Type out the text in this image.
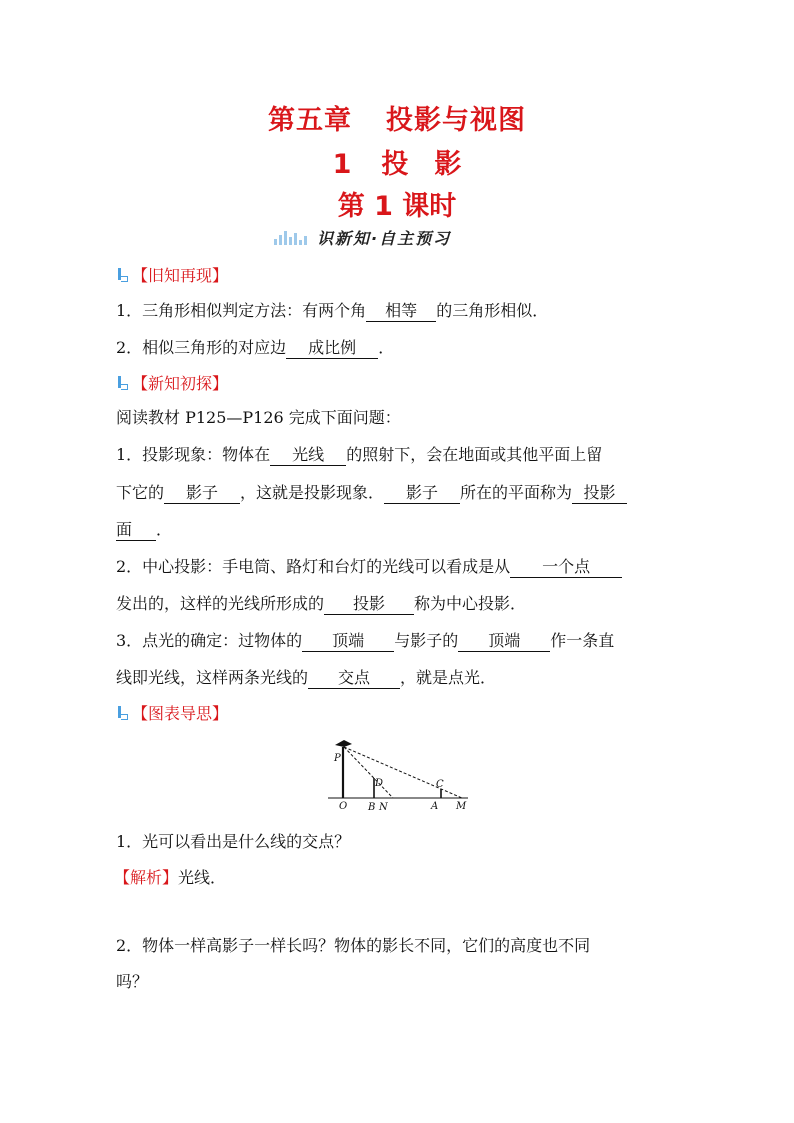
第五章 投影与视图
1 投 影
第 1 课时
识新知·自主预习
【旧知再现】
1．三角形相似判定方法：有两个角 相等 的三角形相似．
2．相似三角形的对应边 成比例 ．
【新知初探】
阅读教材 P125—P126 完成下面问题：
1．投影现象：物体在 光线 的照射下，会在地面或其他平面上留
下它的 影子 ，这就是投影现象． 影子 所在的平面称为 投影
面 ．
2．中心投影：手电筒、路灯和台灯的光线可以看成是从 一个点
发出的，这样的光线所形成的 投影 称为中心投影．
3．点光的确定：过物体的 顶端 与影子的 顶端 作一条直
线即光线，这样两条光线的 交点 ，就是点光．
【图表导思】
P
D	C
O B N	A M
1．光可以看出是什么线的交点？
【解析】光线．
2．物体一样高影子一样长吗？物体的影长不同，它们的高度也不同
吗？
